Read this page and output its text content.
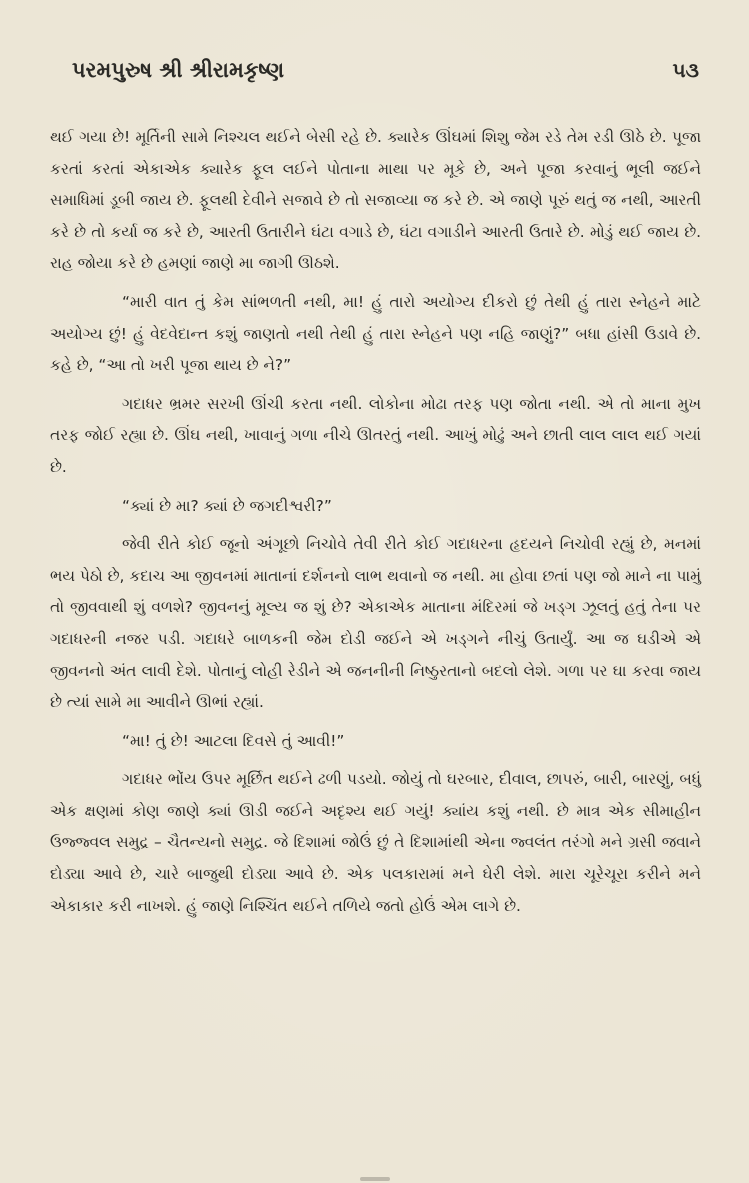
પરમપુરુષ શ્રી શ્રીરામકૃષ્ણ	૫૩

થઈ ગયા છે! મૂર્તિની સામે નિશ્ચલ થઈને બેસી રહે છે. ક્યારેક ઊંઘમાં શિશુ જેમ રડે તેમ રડી ઊઠે છે. પૂજા કરતાં કરતાં એકાએક ક્યારેક ફૂલ લઈને પોતાના માથા પર મૂકે છે, અને પૂજા કરવાનું ભૂલી જઈને સમાધિમાં ડૂબી જાય છે. ફૂલથી દેવીને સજાવે છે તો સજાવ્યા જ કરે છે. એ જાણે પૂરું થતું જ નથી, આરતી કરે છે તો કર્યા જ કરે છે, આરતી ઉતારીને ઘંટા વગાડે છે, ઘંટા વગાડીને આરતી ઉતારે છે. મોડું થઈ જાય છે. રાહ જોયા કરે છે હમણાં જાણે મા જાગી ઊઠશે.

“મારી વાત તું કેમ સાંભળતી નથી, મા! હું તારો અયોગ્ય દીકરો છું તેથી હું તારા સ્નેહને માટે અયોગ્ય છું! હું વેદવેદાન્ત કશું જાણતો નથી તેથી હું તારા સ્નેહને પણ નહિ જાણું?” બધા હાંસી ઉડાવે છે. કહે છે, “આ તો ખરી પૂજા થાય છે ને?”

ગદાધર ભ્રમર સરખી ઊંચી કરતા નથી. લોકોના મોઢા તરફ પણ જોતા નથી. એ તો માના મુખ તરફ જોઈ રહ્યા છે. ઊંઘ નથી, ખાવાનું ગળા નીચે ઊતરતું નથી. આખું મોઢું અને છાતી લાલ લાલ થઈ ગયાં છે.

“ક્યાં છે મા? ક્યાં છે જગદીશ્વરી?”

જેવી રીતે કોઈ જૂનો અંગૂછો નિચોવે તેવી રીતે કોઈ ગદાધરના હૃદયને નિચોવી રહ્યું છે, મનમાં ભય પેઠો છે, કદાચ આ જીવનમાં માતાનાં દર્શનનો લાભ થવાનો જ નથી. મા હોવા છતાં પણ જો માને ના પામું તો જીવવાથી શું વળશે? જીવનનું મૂલ્ય જ શું છે? એકાએક માતાના મંદિરમાં જે ખડ્ગ ઝૂલતું હતું તેના પર ગદાધરની નજર પડી. ગદાધરે બાળકની જેમ દોડી જઈને એ ખડ્ગને નીચું ઉતાર્યું. આ જ ઘડીએ એ જીવનનો અંત લાવી દેશે. પોતાનું લોહી રેડીને એ જનનીની નિષ્ઠુરતાનો બદલો લેશે. ગળા પર ઘા કરવા જાય છે ત્યાં સામે મા આવીને ઊભાં રહ્યાં.

“મા! તું છે! આટલા દિવસે તું આવી!”

ગદાધર ભોંય ઉપર મૂર્છિત થઈને ઢળી પડયો. જોયું તો ઘરબાર, દીવાલ, છાપરું, બારી, બારણું, બધું એક ક્ષણમાં કોણ જાણે ક્યાં ઊડી જઈને અદૃશ્ય થઈ ગયું! ક્યાંય કશું નથી. છે માત્ર એક સીમાહીન ઉજ્જ્વલ સમુદ્ર – ચૈતન્યનો સમુદ્ર. જે દિશામાં જોઉં છું તે દિશામાંથી એના જ્વલંત તરંગો મને ગ્રસી જવાને દોડ્યા આવે છે, ચારે બાજુથી દોડ્યા આવે છે. એક પલકારામાં મને ઘેરી લેશે. મારા ચૂરેચૂરા કરીને મને એકાકાર કરી નાખશે. હું જાણે નિશ્ચિંત થઈને તળિયે જતો હોઉં એમ લાગે છે.
